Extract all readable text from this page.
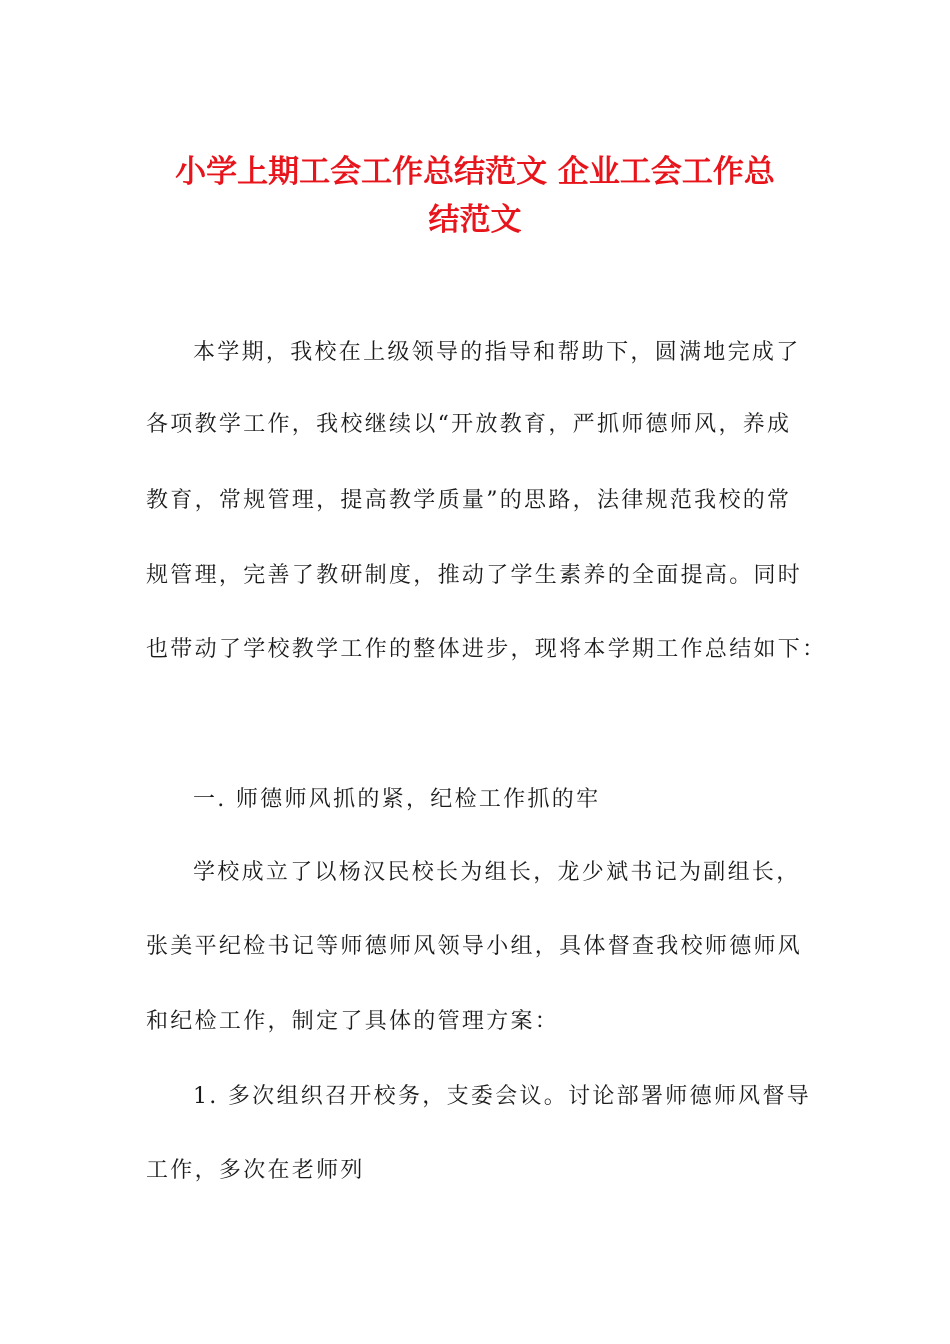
小学上期工会工作总结范文 企业工会工作总
结范文

本学期，我校在上级领导的指导和帮助下，圆满地完成了

各项教学工作，我校继续以“开放教育，严抓师德师风，养成

教育，常规管理，提高教学质量”的思路，法律规范我校的常

规管理，完善了教研制度，推动了学生素养的全面提高。同时

也带动了学校教学工作的整体进步，现将本学期工作总结如下：

一. 师德师风抓的紧，纪检工作抓的牢

学校成立了以杨汉民校长为组长，龙少斌书记为副组长，

张美平纪检书记等师德师风领导小组，具体督查我校师德师风

和纪检工作，制定了具体的管理方案：

1. 多次组织召开校务，支委会议。讨论部署师德师风督导

工作，多次在老师列
